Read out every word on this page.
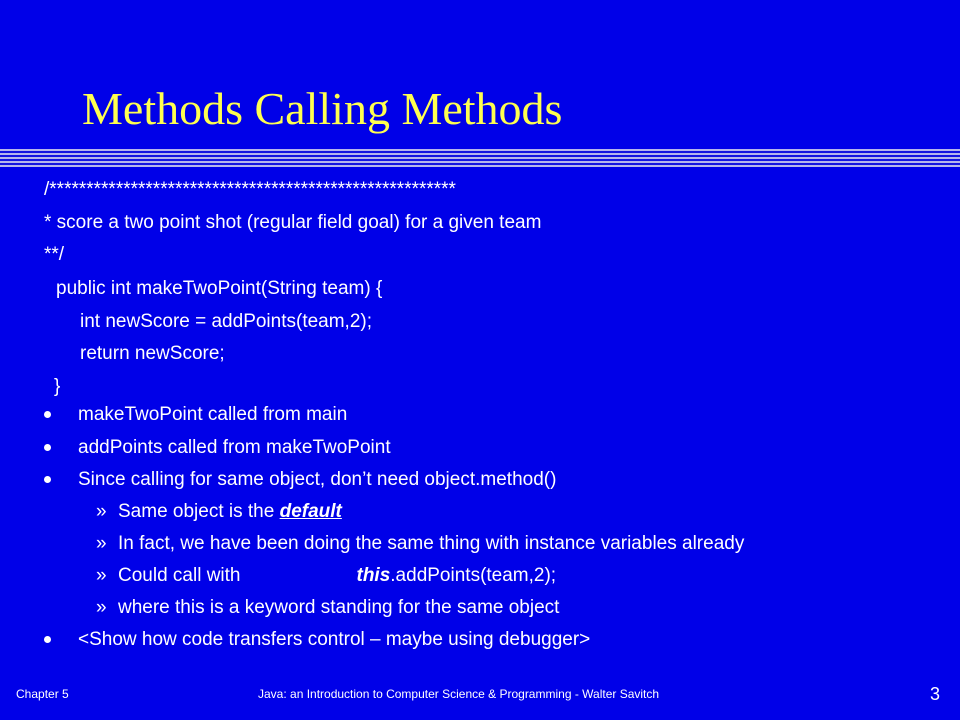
Methods Calling Methods
/*******************************************************
* score a two point shot (regular field goal) for a given team
**/
public int makeTwoPoint(String team) {
int newScore = addPoints(team,2);
return newScore;
}
makeTwoPoint called from main
addPoints called from makeTwoPoint
Since calling for same object, don’t need object.method()
» Same object is the default
» In fact, we have been doing the same thing with instance variables already
» Could call with	this.addPoints(team,2);
» where this is a keyword standing for the same object
<Show how code transfers control – maybe using debugger>
Chapter 5	Java: an Introduction to Computer Science & Programming - Walter Savitch	3
